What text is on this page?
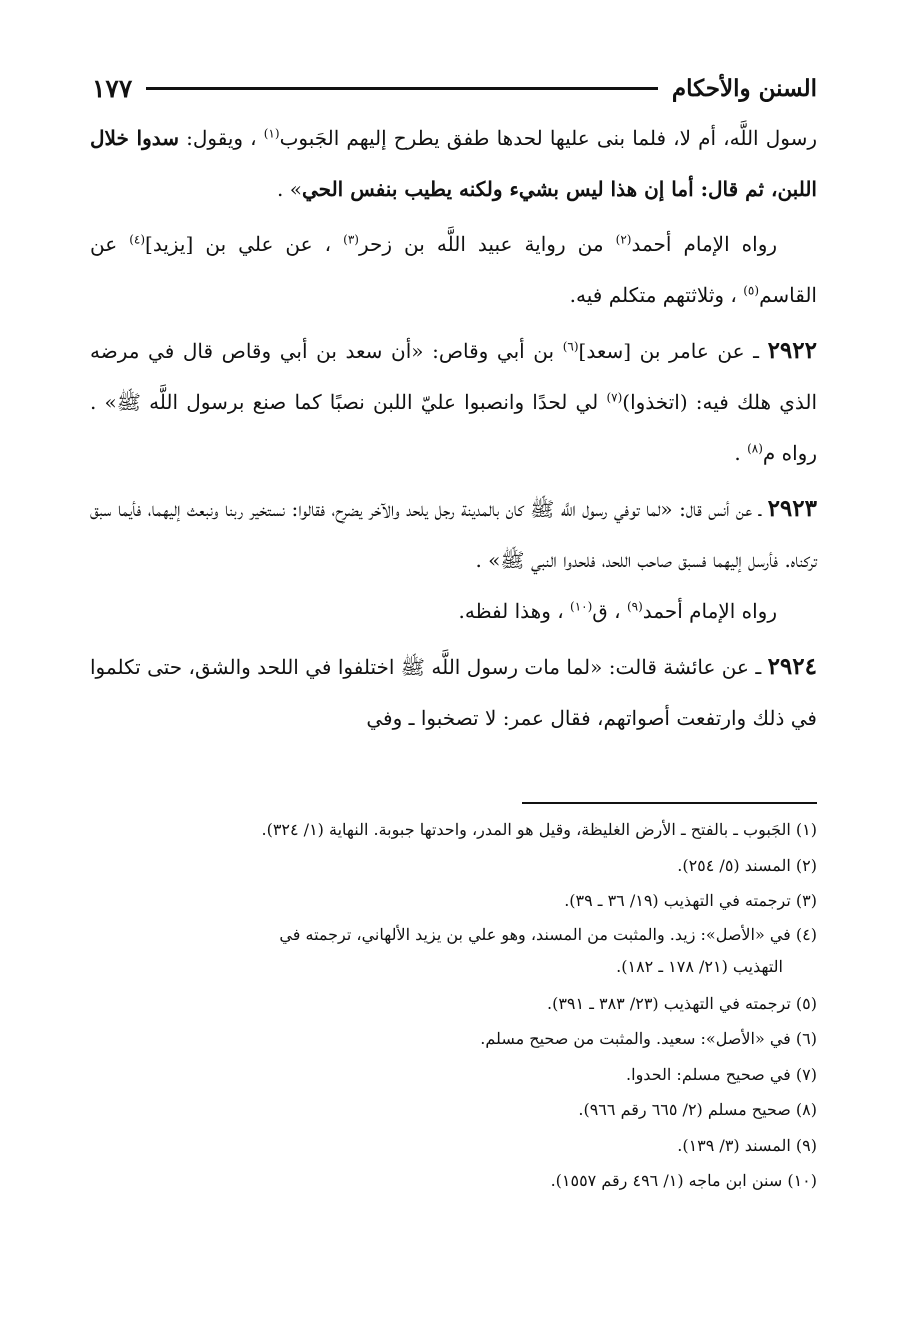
السنن والأحكام
١٧٧

رسول اللَّه، أم لا، فلما بنى عليها لحدها طفق يطرح إليهم الجَبوب$^{(١)}$ ، ويقول: سدوا خلال اللبن، ثم قال: أما إن هذا ليس بشيء ولكنه يطيب بنفس الحي» .

رواه الإمام أحمد$^{(٢)}$ من رواية عبيد اللَّه بن زحر$^{(٣)}$ ، عن علي بن [يزيد]$^{(٤)}$ عن القاسم$^{(٥)}$ ، وثلاثتهم متكلم فيه.

٢٩٢٢ ـ عن عامر بن [سعد]$^{(٦)}$ بن أبي وقاص: «أن سعد بن أبي وقاص قال في مرضه الذي هلك فيه: (اتخذوا)$^{(٧)}$ لي لحدًا وانصبوا عليّ اللبن نصبًا كما صنع برسول اللَّه ﷺ» . رواه م$^{(٨)}$ .

٢٩٢٣ ـ عن أنس قال: «لما توفي رسول اللَّه ﷺ كان بالمدينة رجل يلحد والآخر يضرِح، فقالوا: نستخير ربنا ونبعث إليهما، فأيما سبق تركناه. فأرسل إليهما فسبق صاحب اللحد، فلحدوا النبي ﷺ» .

رواه الإمام أحمد$^{(٩)}$ ، ق$^{(١٠)}$ ، وهذا لفظه.

٢٩٢٤ ـ عن عائشة قالت: «لما مات رسول اللَّه ﷺ اختلفوا في اللحد والشق، حتى تكلموا في ذلك وارتفعت أصواتهم، فقال عمر: لا تصخبوا ـ وفي

(١) الجَبوب ـ بالفتح ـ الأرض الغليظة، وقيل هو المدر، واحدتها جبوبة. النهاية (١/ ٣٢٤).

(٢) المسند (٥/ ٢٥٤).

(٣) ترجمته في التهذيب (١٩/ ٣٦ ـ ٣٩).

(٤) في «الأصل»: زيد. والمثبت من المسند، وهو علي بن يزيد الألهاني، ترجمته في
التهذيب (٢١/ ١٧٨ ـ ١٨٢).

(٥) ترجمته في التهذيب (٢٣/ ٣٨٣ ـ ٣٩١).

(٦) في «الأصل»: سعيد. والمثبت من صحيح مسلم.

(٧) في صحيح مسلم: الحدوا.

(٨) صحيح مسلم (٢/ ٦٦٥ رقم ٩٦٦).

(٩) المسند (٣/ ١٣٩).

(١٠) سنن ابن ماجه (١/ ٤٩٦ رقم ١٥٥٧).
